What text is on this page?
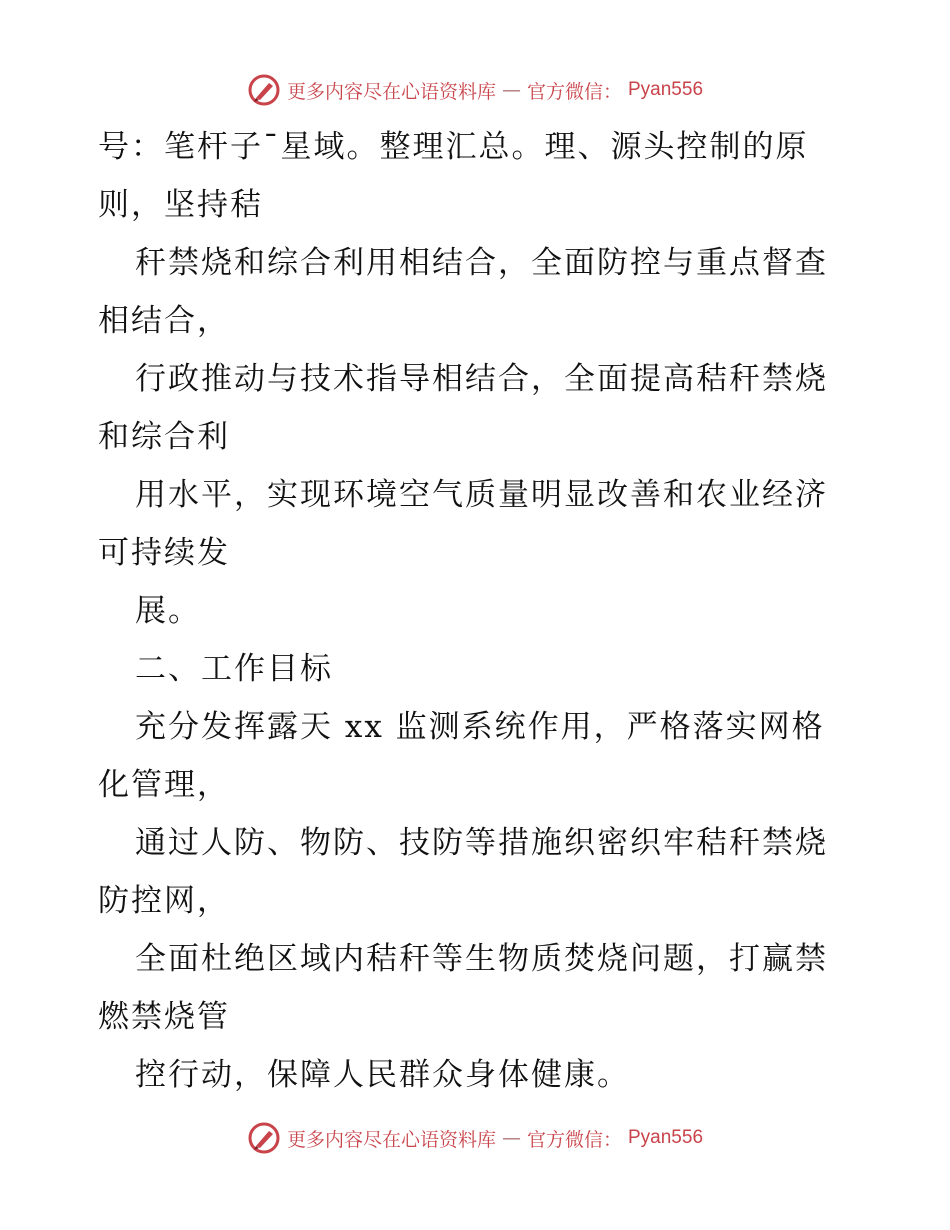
更多内容尽在心语资料库 — 官方微信： Pyan556
号：笔杆子¯星域。整理汇总。理、源头控制的原
则，坚持秸
秆禁烧和综合利用相结合，全面防控与重点督查
相结合，
行政推动与技术指导相结合，全面提高秸秆禁烧
和综合利
用水平，实现环境空气质量明显改善和农业经济
可持续发
展。
二、工作目标
充分发挥露天 xx 监测系统作用，严格落实网格
化管理，
通过人防、物防、技防等措施织密织牢秸秆禁烧
防控网，
全面杜绝区域内秸秆等生物质焚烧问题，打赢禁
燃禁烧管
控行动，保障人民群众身体健康。
更多内容尽在心语资料库 — 官方微信： Pyan556
